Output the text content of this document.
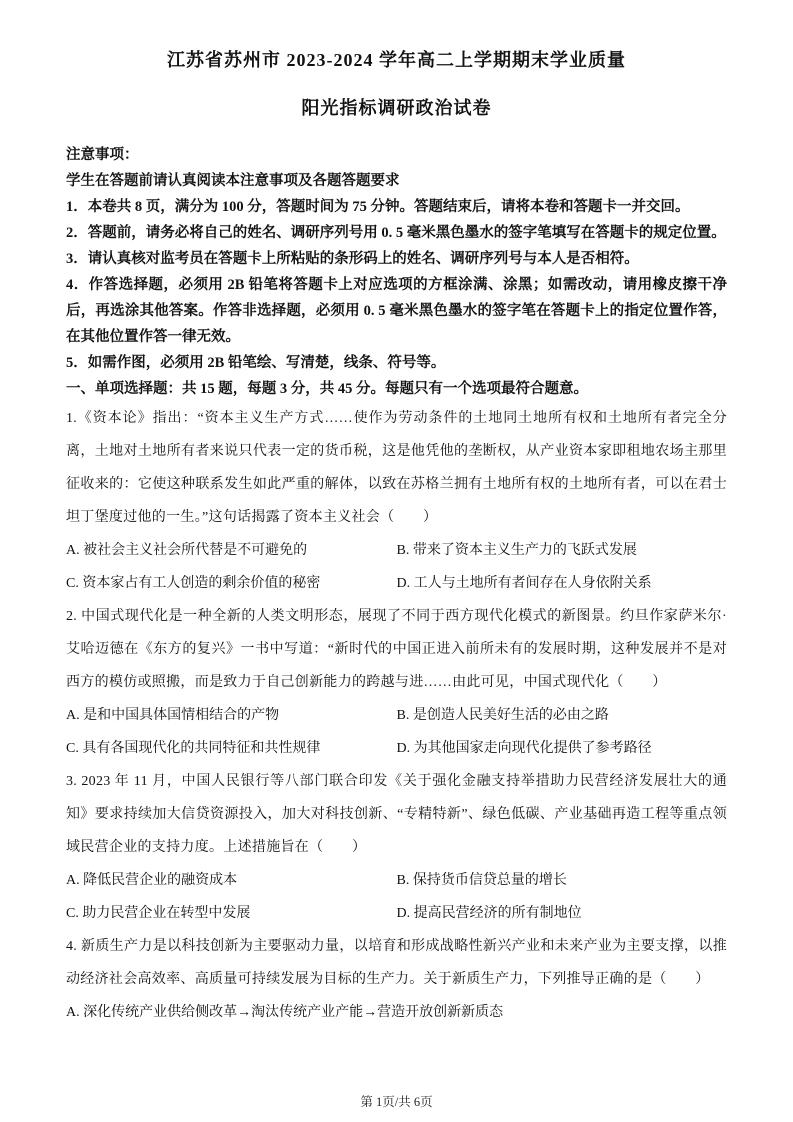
江苏省苏州市 2023-2024 学年高二上学期期末学业质量
阳光指标调研政治试卷

注意事项：

学生在答题前请认真阅读本注意事项及各题答题要求

1．本卷共 8 页，满分为 100 分，答题时间为 75 分钟。答题结束后，请将本卷和答题卡一并交回。

2．答题前，请务必将自己的姓名、调研序列号用 0. 5 毫米黑色墨水的签字笔填写在答题卡的规定位置。

3．请认真核对监考员在答题卡上所粘贴的条形码上的姓名、调研序列号与本人是否相符。

4．作答选择题，必须用 2B 铅笔将答题卡上对应选项的方框涂满、涂黑；如需改动，请用橡皮擦干净后，再选涂其他答案。作答非选择题，必须用 0. 5 毫米黑色墨水的签字笔在答题卡上的指定位置作答，在其他位置作答一律无效。

5．如需作图，必须用 2B 铅笔绘、写清楚，线条、符号等。

一、单项选择题：共 15 题，每题 3 分，共 45 分。每题只有一个选项最符合题意。

1.《资本论》指出：“资本主义生产方式……使作为劳动条件的土地同土地所有权和土地所有者完全分离，土地对土地所有者来说只代表一定的货币税，这是他凭他的垄断权，从产业资本家即租地农场主那里征收来的：它使这种联系发生如此严重的解体，以致在苏格兰拥有土地所有权的土地所有者，可以在君士坦丁堡度过他的一生。”这句话揭露了资本主义社会（　　）

A. 被社会主义社会所代替是不可避免的	B. 带来了资本主义生产力的飞跃式发展
C. 资本家占有工人创造的剩余价值的秘密	D. 工人与土地所有者间存在人身依附关系

2. 中国式现代化是一种全新的人类文明形态，展现了不同于西方现代化模式的新图景。约旦作家萨米尔·艾哈迈德在《东方的复兴》一书中写道：“新时代的中国正进入前所未有的发展时期，这种发展并不是对西方的模仿或照搬，而是致力于自己创新能力的跨越与进……由此可见，中国式现代化（　　）

A. 是和中国具体国情相结合的产物	B. 是创造人民美好生活的必由之路
C. 具有各国现代化的共同特征和共性规律	D. 为其他国家走向现代化提供了参考路径

3. 2023 年 11 月，中国人民银行等八部门联合印发《关于强化金融支持举措助力民营经济发展壮大的通知》要求持续加大信贷资源投入，加大对科技创新、“专精特新”、绿色低碳、产业基础再造工程等重点领域民营企业的支持力度。上述措施旨在（　　）

A. 降低民营企业的融资成本	B. 保持货币信贷总量的增长
C. 助力民营企业在转型中发展	D. 提高民营经济的所有制地位

4. 新质生产力是以科技创新为主要驱动力量，以培育和形成战略性新兴产业和未来产业为主要支撑，以推动经济社会高效率、高质量可持续发展为目标的生产力。关于新质生产力，下列推导正确的是（　　）

A. 深化传统产业供给侧改革→淘汰传统产业产能→营造开放创新新质态
第 1页/共 6页
